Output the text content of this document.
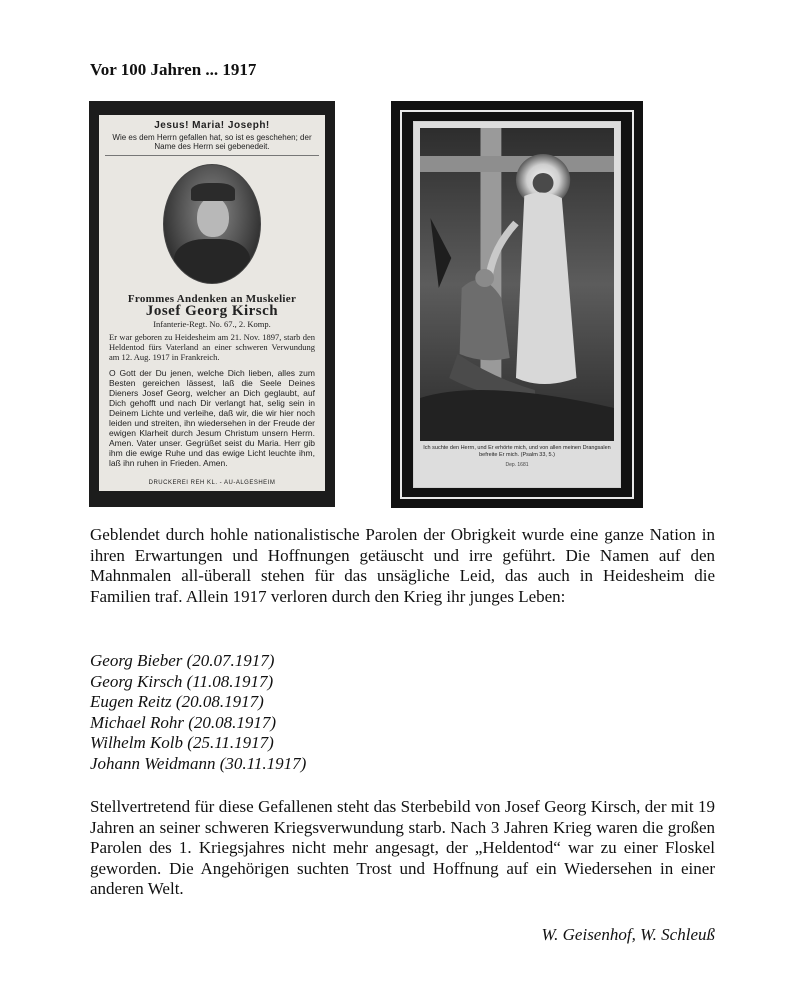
Vor 100 Jahren ... 1917
Jesus! Maria! Joseph!
Wie es dem Herrn gefallen hat, so ist es geschehen; der Name des Herrn sei gebenedeit.
Frommes Andenken an Muskelier
Josef Georg Kirsch
Infanterie-Regt. No. 67., 2. Komp.
Er war geboren zu Heidesheim am 21. Nov. 1897, starb den Heldentod fürs Vaterland an einer schweren Verwundung am 12. Aug. 1917 in Frankreich.
O Gott der Du jenen, welche Dich lieben, alles zum Besten gereichen lässest, laß die Seele Deines Dieners Josef Georg, welcher an Dich geglaubt, auf Dich gehofft und nach Dir verlangt hat, selig sein in Deinem Lichte und verleihe, daß wir, die wir hier noch leiden und streiten, ihn wiedersehen in der Freude der ewigen Klarheit durch Jesum Christum unsern Herrn. Amen. Vater unser. Gegrüßet seist du Maria. Herr gib ihm die ewige Ruhe und das ewige Licht leuchte ihm, laß ihn ruhen in Frieden. Amen.
DRUCKEREI REH KL. - AU-ALGESHEIM
Ich suchte den Herrn, und Er erhörte mich, und von allen meinen Drangsalen befreite Er mich. (Psalm 33, 5.)
Dep. 1681

Geblendet durch hohle nationalistische Parolen der Obrigkeit wurde eine ganze Nation in ihren Erwartungen und Hoffnungen getäuscht und irre geführt. Die Namen auf den Mahnmalen all-überall stehen für das unsägliche Leid, das auch in Heidesheim die Familien traf. Allein 1917 verloren durch den Krieg ihr junges Leben:

Georg Bieber (20.07.1917)
Georg Kirsch (11.08.1917)
Eugen Reitz (20.08.1917)
Michael Rohr (20.08.1917)
Wilhelm Kolb (25.11.1917)
Johann Weidmann (30.11.1917)

Stellvertretend für diese Gefallenen steht das Sterbebild von Josef Georg Kirsch, der mit 19 Jahren an seiner schweren Kriegsverwundung starb. Nach 3 Jahren Krieg waren die großen Parolen des 1. Kriegsjahres nicht mehr angesagt, der „Heldentod“ war zu einer Floskel geworden. Die Angehörigen suchten Trost und Hoffnung auf ein Wiedersehen in einer anderen Welt.

W. Geisenhof, W. Schleuß
